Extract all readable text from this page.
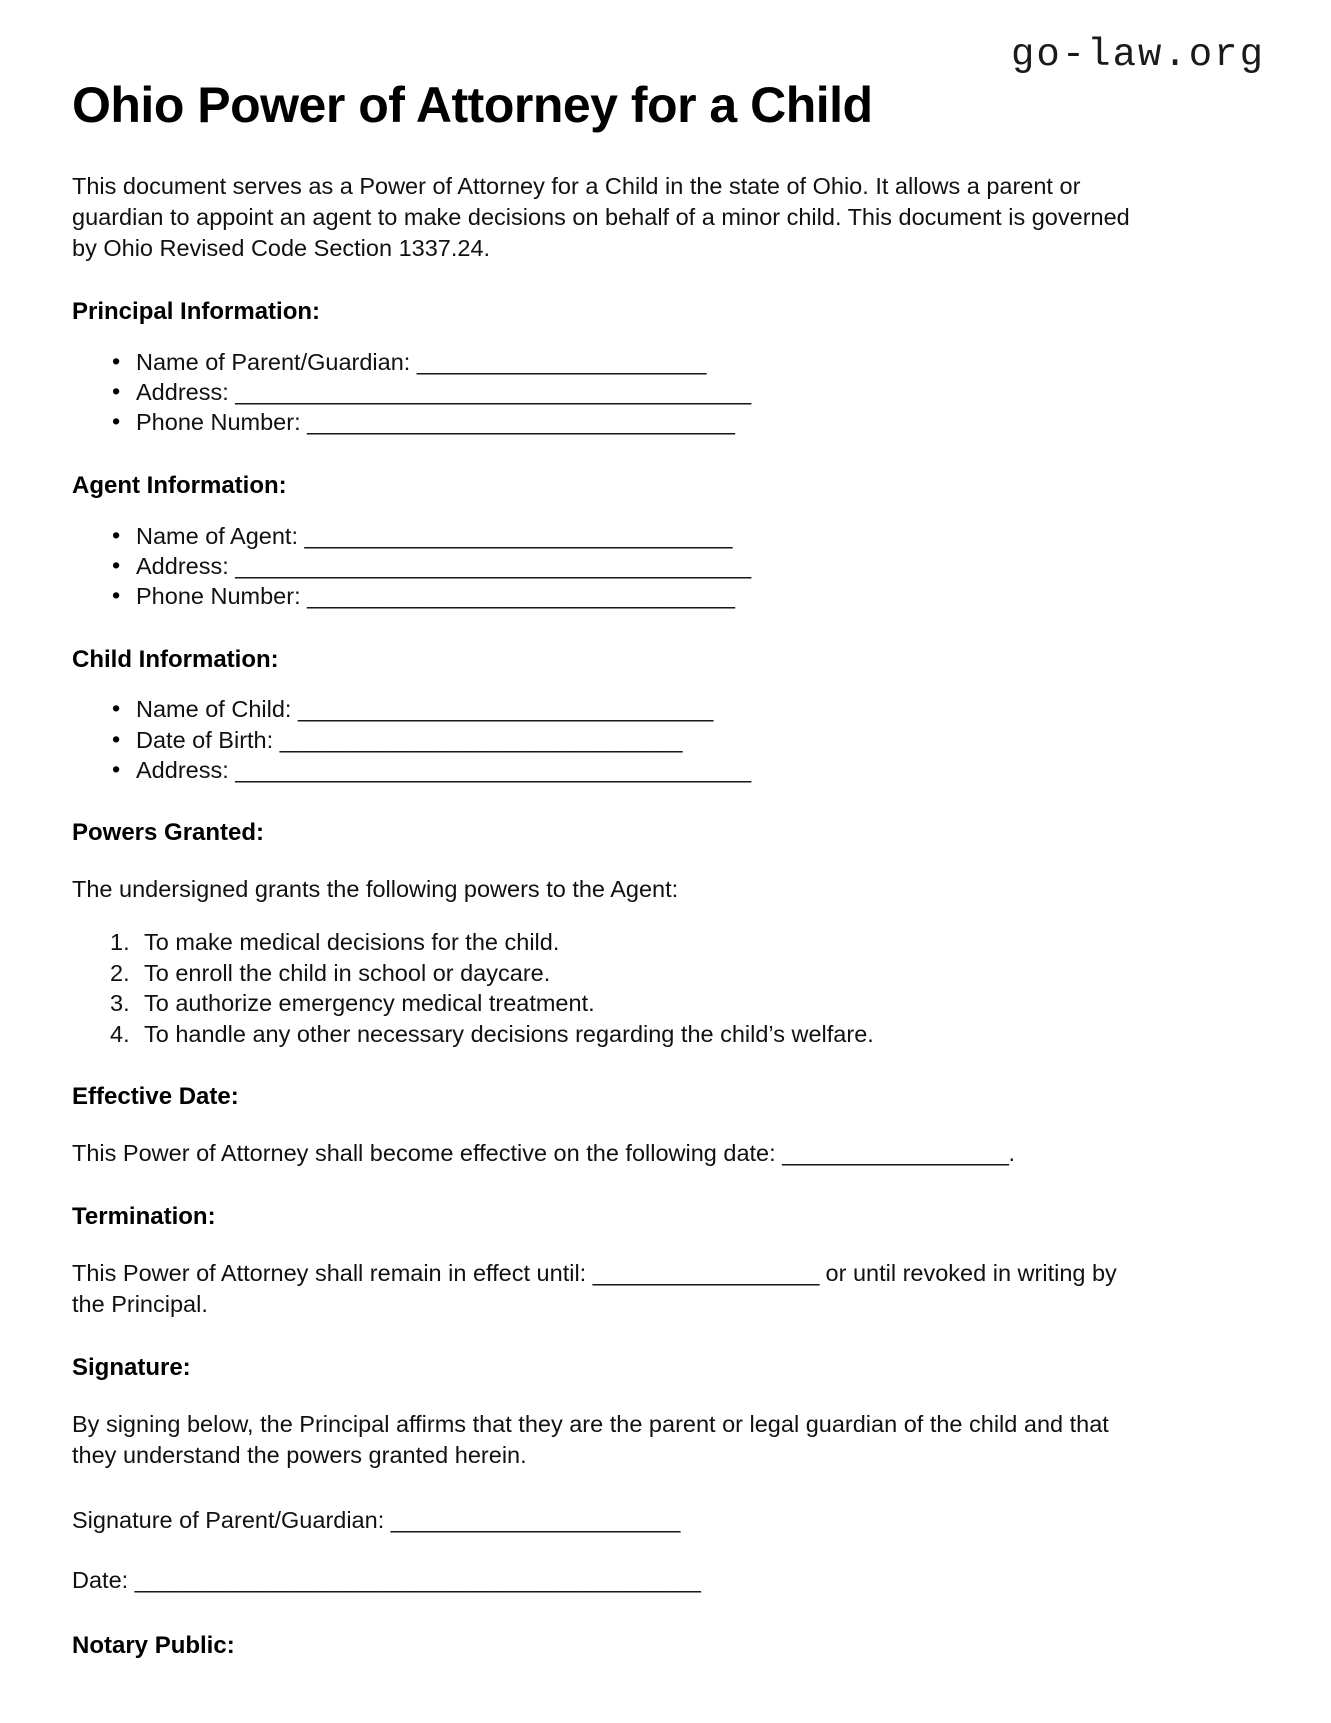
go-law.org
Ohio Power of Attorney for a Child

This document serves as a Power of Attorney for a Child in the state of Ohio. It allows a parent or guardian to appoint an agent to make decisions on behalf of a minor child. This document is governed by Ohio Revised Code Section 1337.24.

Principal Information:
• Name of Parent/Guardian: _______________________
• Address: _________________________________________
• Phone Number: __________________________________
Agent Information:
• Name of Agent: __________________________________
• Address: _________________________________________
• Phone Number: __________________________________
Child Information:
• Name of Child: _________________________________
• Date of Birth: ________________________________
• Address: _________________________________________
Powers Granted:

The undersigned grants the following powers to the Agent:

To make medical decisions for the child.
To enroll the child in school or daycare.
To authorize emergency medical treatment.
To handle any other necessary decisions regarding the child’s welfare.
Effective Date:

This Power of Attorney shall become effective on the following date: __________________.

Termination:

This Power of Attorney shall remain in effect until: __________________ or until revoked in writing by the Principal.

Signature:

By signing below, the Principal affirms that they are the parent or legal guardian of the child and that they understand the powers granted herein.

Signature of Parent/Guardian: _______________________

Date: _____________________________________________

Notary Public:
